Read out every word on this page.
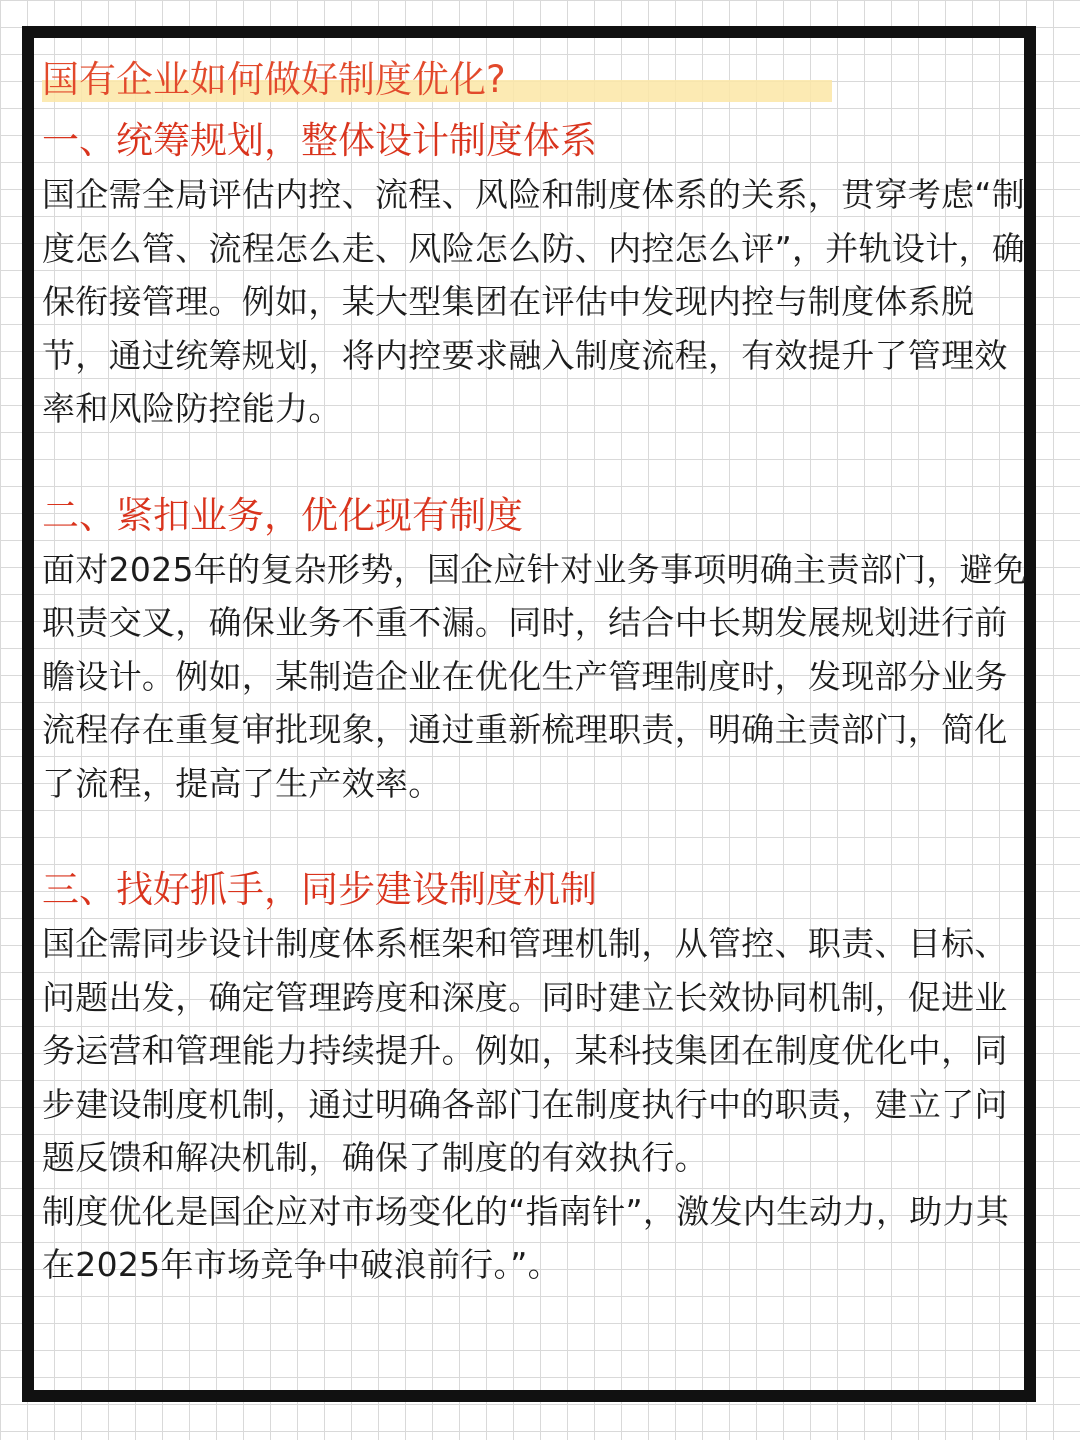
国有企业如何做好制度优化?
一、统筹规划，整体设计制度体系

国企需全局评估内控、流程、风险和制度体系的关系，贯穿考虑“制度怎么管、流程怎么走、风险怎么防、内控怎么评”，并轨设计，确保衔接管理。例如，某大型集团在评估中发现内控与制度体系脱节，通过统筹规划，将内控要求融入制度流程，有效提升了管理效率和风险防控能力。

二、紧扣业务，优化现有制度

面对2025年的复杂形势，国企应针对业务事项明确主责部门，避免职责交叉，确保业务不重不漏。同时，结合中长期发展规划进行前瞻设计。例如，某制造企业在优化生产管理制度时，发现部分业务流程存在重复审批现象，通过重新梳理职责，明确主责部门，简化了流程，提高了生产效率。

三、找好抓手，同步建设制度机制

国企需同步设计制度体系框架和管理机制，从管控、职责、目标、问题出发，确定管理跨度和深度。同时建立长效协同机制，促进业务运营和管理能力持续提升。例如，某科技集团在制度优化中，同步建设制度机制，通过明确各部门在制度执行中的职责，建立了问题反馈和解决机制，确保了制度的有效执行。

制度优化是国企应对市场变化的“指南针”，激发内生动力，助力其在2025年市场竞争中破浪前行。”。
